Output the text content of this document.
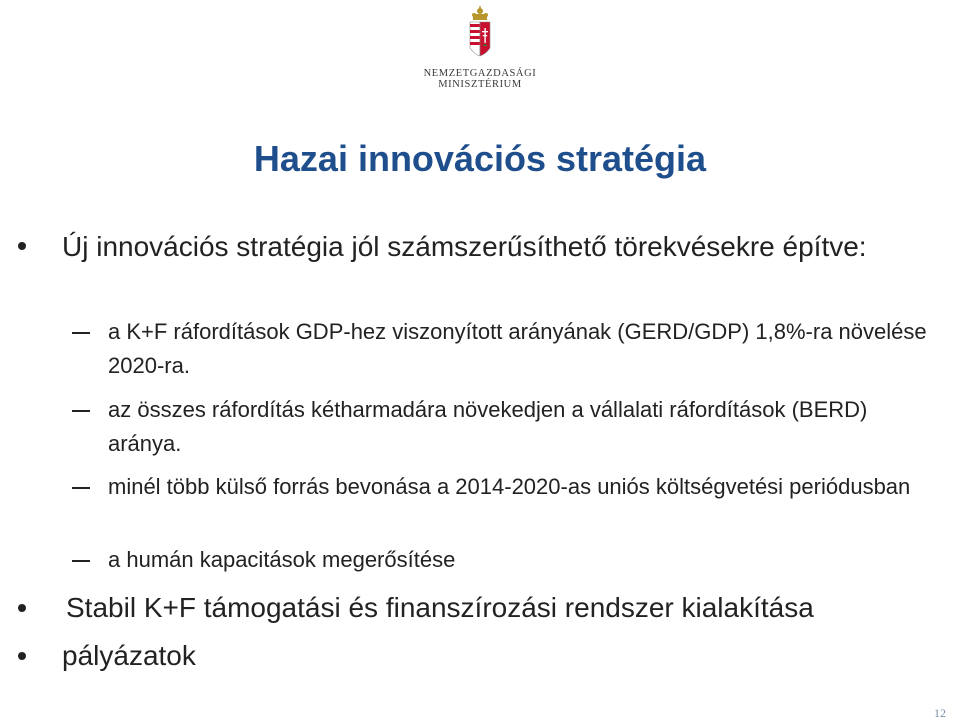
NEMZETGAZDASÁGI
MINISZTÉRIUM
Hazai innovációs stratégia
Új innovációs stratégia jól számszerűsíthető törekvésekre építve:
a K+F ráfordítások GDP-hez viszonyított arányának (GERD/GDP) 1,8%-ra növelése 2020-ra.
az összes ráfordítás kétharmadára növekedjen a vállalati ráfordítások (BERD) aránya.
minél több külső forrás bevonása a 2014-2020-as uniós költségvetési periódusban
a humán kapacitások megerősítése
Stabil K+F támogatási és finanszírozási rendszer kialakítása
pályázatok
12
